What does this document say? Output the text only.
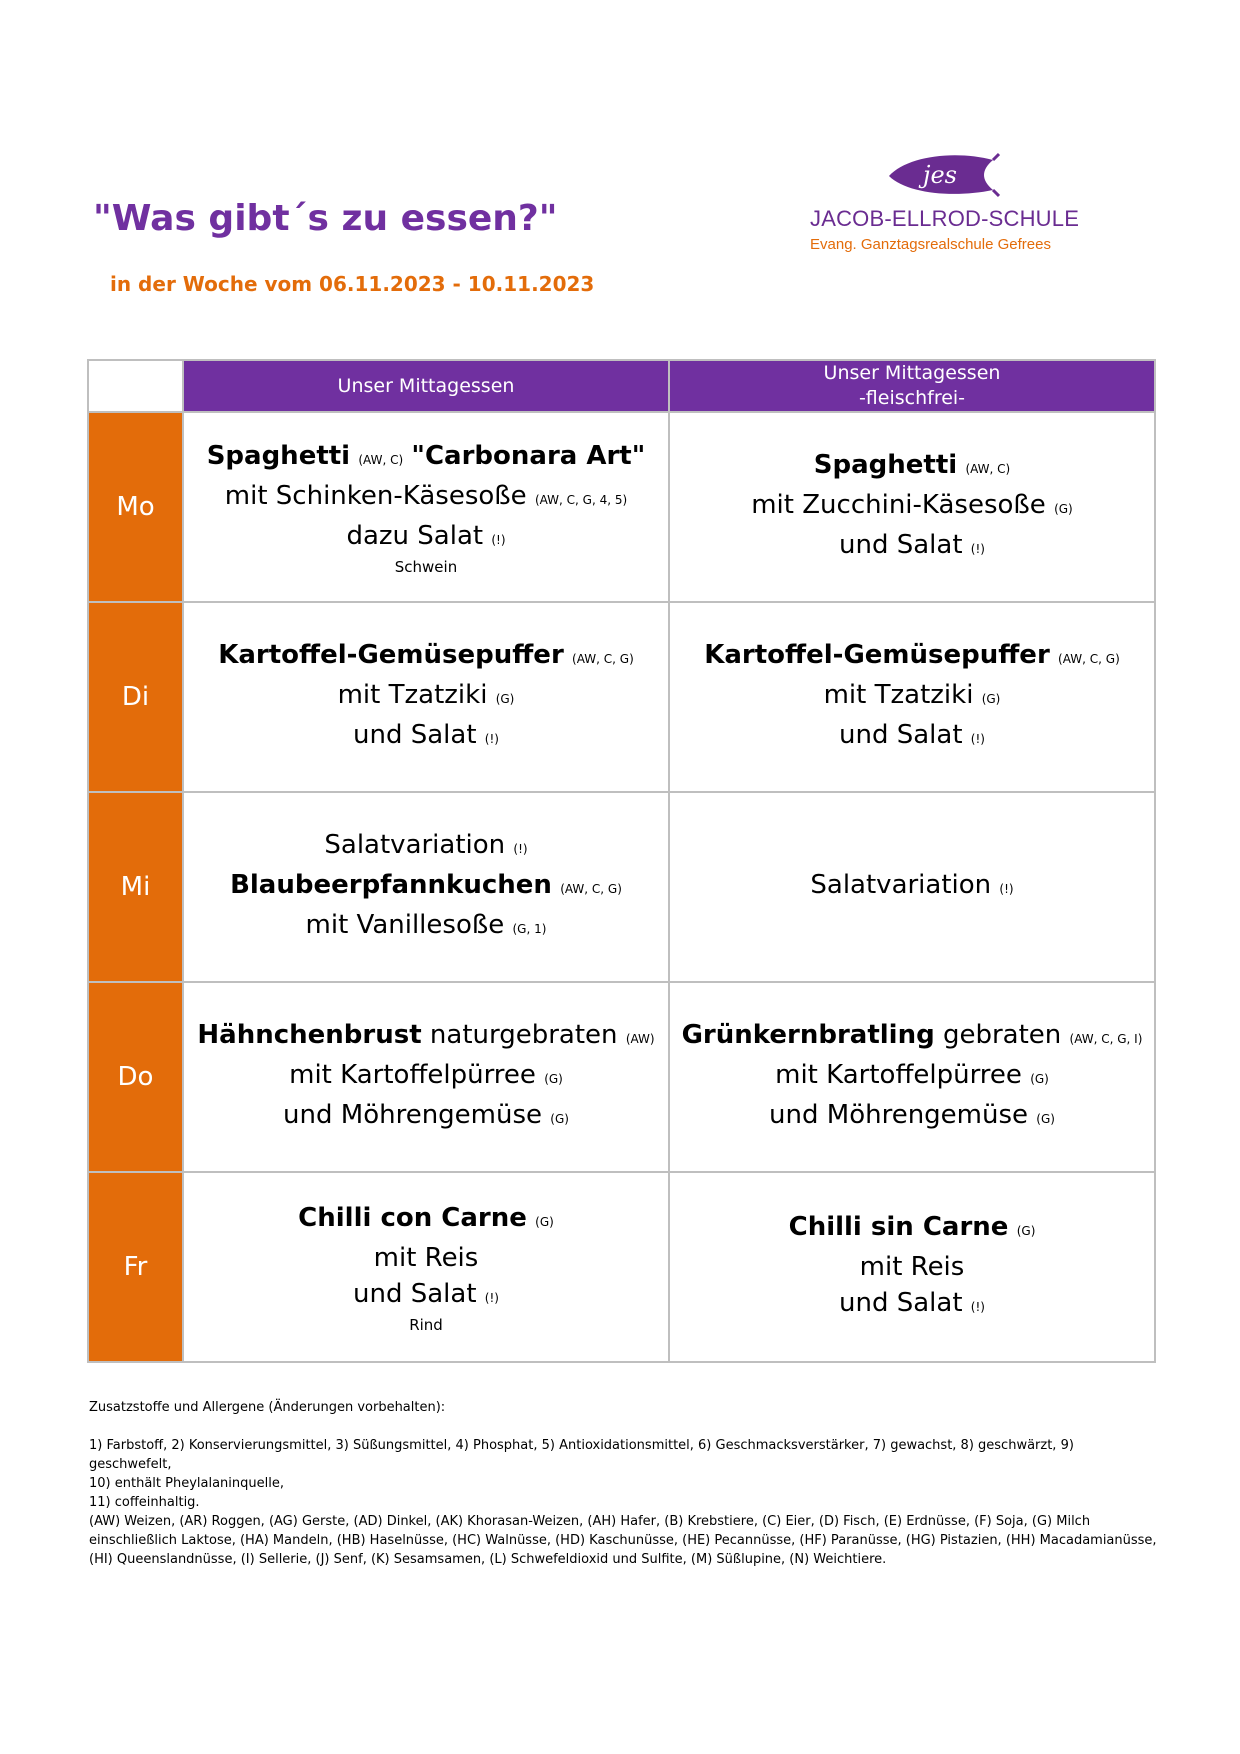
"Was gibt´s zu essen?"
in der Woche vom 06.11.2023 - 10.11.2023
jes
JACOB-ELLROD-SCHULE
Evang. Ganztagsrealschule Gefrees
	Unser Mittagessen	Unser Mittagessen
-fleischfrei-
Mo	Spaghetti (AW, C) "Carbonara Art"
mit Schinken-Käsesoße (AW, C, G, 4, 5)
dazu Salat (!)
Schwein	Spaghetti (AW, C)
mit Zucchini-Käsesoße (G)
und Salat (!)
Di	Kartoffel-Gemüsepuffer (AW, C, G)
mit Tzatziki (G)
und Salat (!)	Kartoffel-Gemüsepuffer (AW, C, G)
mit Tzatziki (G)
und Salat (!)
Mi	Salatvariation (!)
Blaubeerpfannkuchen (AW, C, G)
mit Vanillesoße (G, 1)	Salatvariation (!)
Do	Hähnchenbrust naturgebraten (AW)
mit Kartoffelpürree (G)
und Möhrengemüse (G)	Grünkernbratling gebraten (AW, C, G, I)
mit Kartoffelpürree (G)
und Möhrengemüse (G)
Fr	Chilli con Carne (G)
mit Reis
und Salat (!)
Rind	Chilli sin Carne (G)
mit Reis
und Salat (!)
Zusatzstoffe und Allergene (Änderungen vorbehalten):

1) Farbstoff, 2) Konservierungsmittel, 3) Süßungsmittel, 4) Phosphat, 5) Antioxidationsmittel, 6) Geschmacksverstärker, 7) gewachst, 8) geschwärzt, 9) geschwefelt,

10) enthält Pheylalaninquelle,

11) coffeinhaltig.

(AW) Weizen, (AR) Roggen, (AG) Gerste, (AD) Dinkel, (AK) Khorasan-Weizen, (AH) Hafer, (B) Krebstiere, (C) Eier, (D) Fisch, (E) Erdnüsse, (F) Soja, (G) Milch

einschließlich Laktose, (HA) Mandeln, (HB) Haselnüsse, (HC) Walnüsse, (HD) Kaschunüsse, (HE) Pecannüsse, (HF) Paranüsse, (HG) Pistazien, (HH) Macadamianüsse,

(HI) Queenslandnüsse, (I) Sellerie, (J) Senf, (K) Sesamsamen, (L) Schwefeldioxid und Sulfite, (M) Süßlupine, (N) Weichtiere.
